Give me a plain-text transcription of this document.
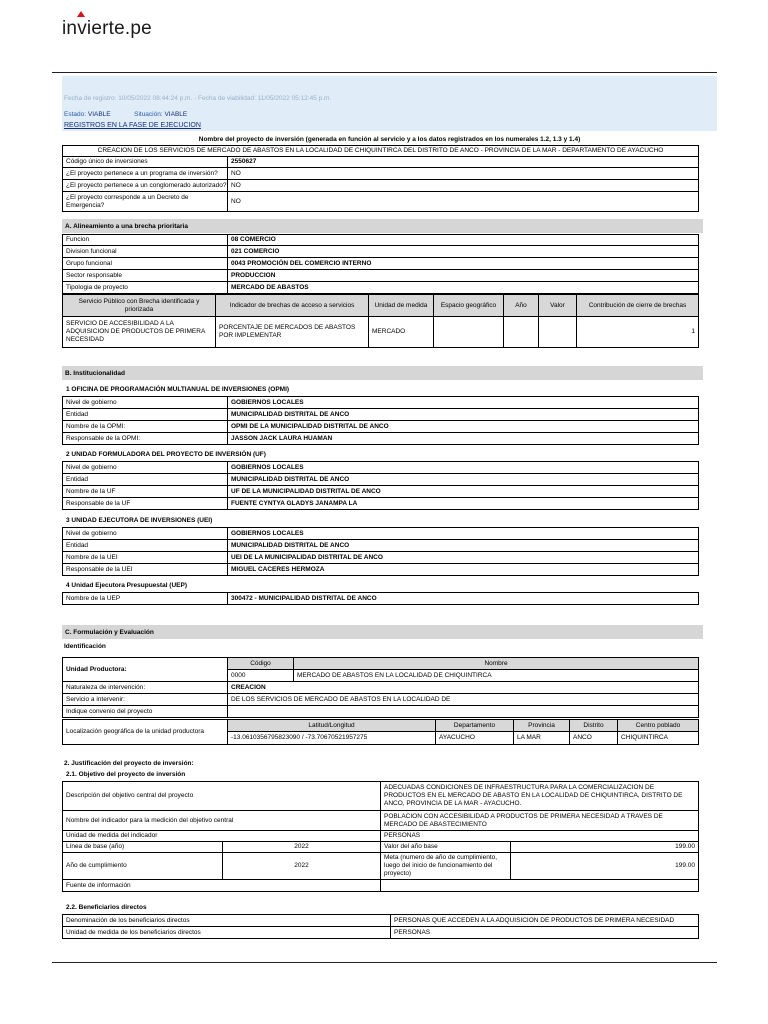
in
vierte.pe
Fecha de registro: 10/05/2022 08:44:24 p.m. - Fecha de viabilidad: 11/05/2022 05:12:45 p.m.
Estado: VIABLE	Situación: VIABLE
REGISTROS EN LA FASE DE EJECUCION
Nombre del proyecto de inversión (generada en función al servicio y a los datos registrados en los numerales 1.2, 1.3 y 1.4)
CREACION DE LOS SERVICIOS DE MERCADO DE ABASTOS EN LA LOCALIDAD DE CHIQUINTIRCA DEL DISTRITO DE ANCO - PROVINCIA DE LA MAR - DEPARTAMENTO DE AYACUCHO	
Código único de inversiones	2550627
¿El proyecto pertenece a un programa de inversión?	NO
¿El proyecto pertenece a un conglomerado autorizado?	NO
¿El proyecto corresponde a un Decreto de Emergencia?	NO
A. Alineamiento a una brecha prioritaria
Funcion	08 COMERCIO
Division funcional	021 COMERCIO
Grupo funcional	0043 PROMOCIÓN DEL COMERCIO INTERNO
Sector responsable	PRODUCCION
Tipologia de proyecto	MERCADO DE ABASTOS
Servicio Público con Brecha identificada y priorizada	Indicador de brechas de acceso a servicios	Unidad de medida	Espacio geográfico	Año	Valor	Contribución de cierre de brechas
SERVICIO DE ACCESIBILIDAD A LA ADQUISICION DE PRODUCTOS DE PRIMERA NECESIDAD	PORCENTAJE DE MERCADOS DE ABASTOS POR IMPLEMENTAR	MERCADO				1
B. Institucionalidad
1 OFICINA DE PROGRAMACIÓN MULTIANUAL DE INVERSIONES (OPMI)
Nivel de gobierno	GOBIERNOS LOCALES
Entidad	MUNICIPALIDAD DISTRITAL DE ANCO
Nombre de la OPMI:	OPMI DE LA MUNICIPALIDAD DISTRITAL DE ANCO
Responsable de la OPMI:	JASSON JACK LAURA HUAMAN
2 UNIDAD FORMULADORA DEL PROYECTO DE INVERSIÓN (UF)
Nivel de gobierno	GOBIERNOS LOCALES
Entidad	MUNICIPALIDAD DISTRITAL DE ANCO
Nombre de la UF	UF DE LA MUNICIPALIDAD DISTRITAL DE ANCO
Responsable de la UF	FUENTE CYNTYA GLADYS JANAMPA LA
3 UNIDAD EJECUTORA DE INVERSIONES (UEI)
Nivel de gobierno	GOBIERNOS LOCALES
Entidad	MUNICIPALIDAD DISTRITAL DE ANCO
Nombre de la UEI	UEI DE LA MUNICIPALIDAD DISTRITAL DE ANCO
Responsable de la UEI	MIGUEL CACERES HERMOZA
4 Unidad Ejecutora Presupuestal (UEP)
Nombre de la UEP	300472 - MUNICIPALIDAD DISTRITAL DE ANCO
C. Formulación y Evaluación
Identificación
Unidad Productora:	Código	Nombre
	0000	MERCADO DE ABASTOS EN LA LOCALIDAD DE CHIQUINTIRCA
Naturaleza de intervención:	CREACION	
Servicio a intervenir:	DE LOS SERVICIOS DE MERCADO DE ABASTOS EN LA LOCALIDAD DE	
Indique convenio del proyecto		
Localización geográfica de la unidad productora	Latitud/Longitud	Departamento	Provincia	Distrito	Centro poblado
	-13.0610356795823090 / -73.70670521957275	AYACUCHO	LA MAR	ANCO	CHIQUINTIRCA
2. Justificación del proyecto de inversión:
2.1. Objetivo del proyecto de inversión
Descripción del objetivo central del proyecto		ADECUADAS CONDICIONES DE INFRAESTRUCTURA PARA LA COMERCIALIZACION DE PRODUCTOS EN EL MERCADO DE ABASTO EN LA LOCALIDAD DE CHIQUINTIRCA, DISTRITO DE ANCO, PROVINCIA DE LA MAR - AYACUCHO.	
Nombre del indicador para la medición del objetivo central		POBLACION CON ACCESIBILIDAD A PRODUCTOS DE PRIMERA NECESIDAD A TRAVES DE MERCADO DE ABASTECIMIENTO	
Unidad de medida del indicador		PERSONAS	
Línea de base (año)	2022	Valor del año base	199.00
Año de cumplimiento	2022	Meta (numero de año de cumplimiento, luego del inicio de funcionamiento del proyecto)	199.00
Fuente de información			
2.2. Beneficiarios directos
Denominación de los beneficiarios directos	PERSONAS QUE ACCEDEN A LA ADQUISICION DE PRODUCTOS DE PRIMERA NECESIDAD
Unidad de medida de los beneficiarios directos	PERSONAS
